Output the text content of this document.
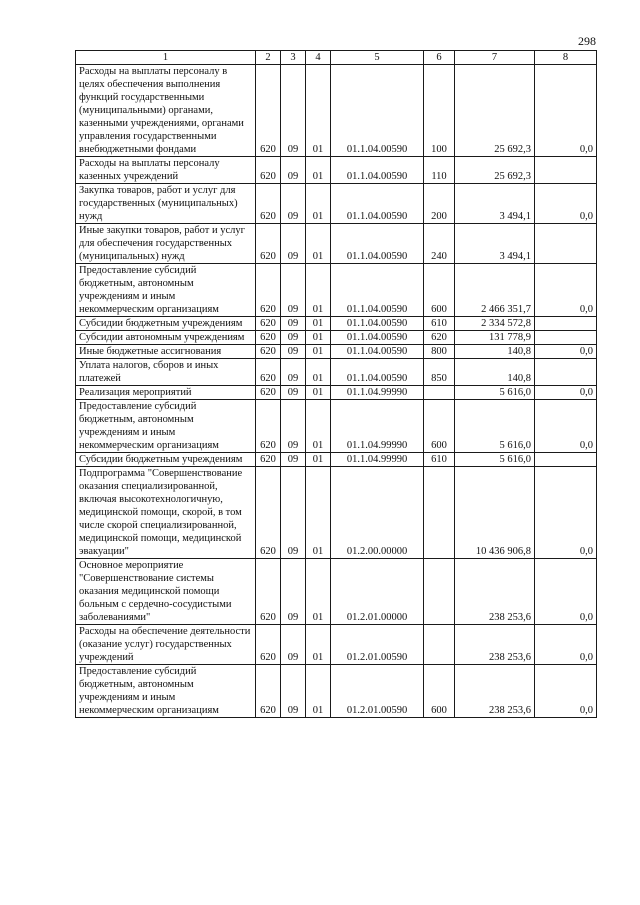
298
1	2	3	4	5	6	7	8
Расходы на выплаты персоналу в целях обеспечения выполнения функций государственными (муниципальными) органами, казенными учреждениями, органами управления государственными внебюджетными фондами	620	09	01	01.1.04.00590	100	25 692,3	0,0
Расходы на выплаты персоналу казенных учреждений	620	09	01	01.1.04.00590	110	25 692,3	
Закупка товаров, работ и услуг для государственных (муниципальных) нужд	620	09	01	01.1.04.00590	200	3 494,1	0,0
Иные закупки товаров, работ и услуг для обеспечения государственных (муниципальных) нужд	620	09	01	01.1.04.00590	240	3 494,1	
Предоставление субсидий бюджетным, автономным учреждениям и иным некоммерческим организациям	620	09	01	01.1.04.00590	600	2 466 351,7	0,0
Субсидии бюджетным учреждениям	620	09	01	01.1.04.00590	610	2 334 572,8	
Субсидии автономным учреждениям	620	09	01	01.1.04.00590	620	131 778,9	
Иные бюджетные ассигнования	620	09	01	01.1.04.00590	800	140,8	0,0
Уплата налогов, сборов и иных платежей	620	09	01	01.1.04.00590	850	140,8	
Реализация мероприятий	620	09	01	01.1.04.99990		5 616,0	0,0
Предоставление субсидий бюджетным, автономным учреждениям и иным некоммерческим организациям	620	09	01	01.1.04.99990	600	5 616,0	0,0
Субсидии бюджетным учреждениям	620	09	01	01.1.04.99990	610	5 616,0	
Подпрограмма "Совершенствование оказания специализированной, включая высокотехнологичную, медицинской помощи, скорой, в том числе скорой специализированной, медицинской помощи, медицинской эвакуации"	620	09	01	01.2.00.00000		10 436 906,8	0,0
Основное мероприятие "Совершенствование системы оказания медицинской помощи больным с сердечно-сосудистыми заболеваниями"	620	09	01	01.2.01.00000		238 253,6	0,0
Расходы на обеспечение деятельности (оказание услуг) государственных учреждений	620	09	01	01.2.01.00590		238 253,6	0,0
Предоставление субсидий бюджетным, автономным учреждениям и иным некоммерческим организациям	620	09	01	01.2.01.00590	600	238 253,6	0,0
